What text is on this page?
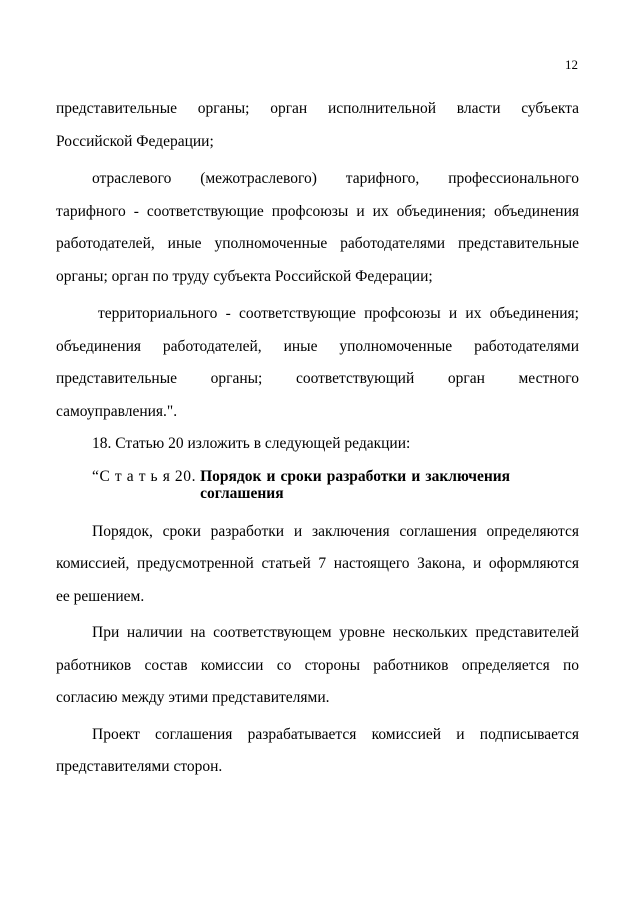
12

представительные органы; орган исполнительной власти субъекта
Российской Федерации;

отраслевого (межотраслевого) тарифного, профессионального
тарифного - соответствующие профсоюзы и их объединения; объединения
работодателей, иные уполномоченные работодателями представительные
органы; орган по труду субъекта Российской Федерации;

территориального - соответствующие профсоюзы и их объединения;
объединения работодателей, иные уполномоченные работодателями
представительные органы; соответствующий орган местного
самоуправления.".

18. Статью 20 изложить в следующей редакции:

“С т а т ь я 20. Порядок и сроки разработки и заключения
соглашения

Порядок, сроки разработки и заключения соглашения определяются
комиссией, предусмотренной статьей 7 настоящего Закона, и оформляются
ее решением.

При наличии на соответствующем уровне нескольких представителей
работников состав комиссии со стороны работников определяется по
согласию между этими представителями.

Проект соглашения разрабатывается комиссией и подписывается
представителями сторон.
